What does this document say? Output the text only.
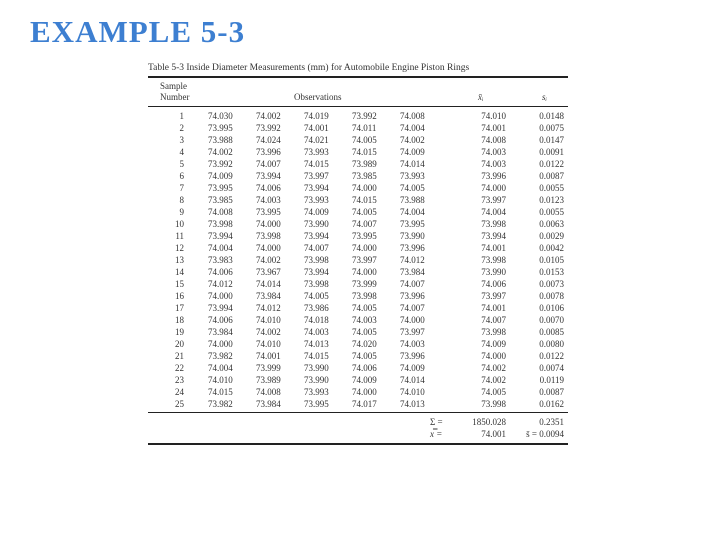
EXAMPLE 5-3
Table 5-3 Inside Diameter Measurements (mm) for Automobile Engine Piston Rings
Sample
Number	Observations	x̄ᵢ	sᵢ
1	74.030	74.002	74.019	73.992	74.008	74.010	0.0148
2	73.995	73.992	74.001	74.011	74.004	74.001	0.0075
3	73.988	74.024	74.021	74.005	74.002	74.008	0.0147
4	74.002	73.996	73.993	74.015	74.009	74.003	0.0091
5	73.992	74.007	74.015	73.989	74.014	74.003	0.0122
6	74.009	73.994	73.997	73.985	73.993	73.996	0.0087
7	73.995	74.006	73.994	74.000	74.005	74.000	0.0055
8	73.985	74.003	73.993	74.015	73.988	73.997	0.0123
9	74.008	73.995	74.009	74.005	74.004	74.004	0.0055
10	73.998	74.000	73.990	74.007	73.995	73.998	0.0063
11	73.994	73.998	73.994	73.995	73.990	73.994	0.0029
12	74.004	74.000	74.007	74.000	73.996	74.001	0.0042
13	73.983	74.002	73.998	73.997	74.012	73.998	0.0105
14	74.006	73.967	73.994	74.000	73.984	73.990	0.0153
15	74.012	74.014	73.998	73.999	74.007	74.006	0.0073
16	74.000	73.984	74.005	73.998	73.996	73.997	0.0078
17	73.994	74.012	73.986	74.005	74.007	74.001	0.0106
18	74.006	74.010	74.018	74.003	74.000	74.007	0.0070
19	73.984	74.002	74.003	74.005	73.997	73.998	0.0085
20	74.000	74.010	74.013	74.020	74.003	74.009	0.0080
21	73.982	74.001	74.015	74.005	73.996	74.000	0.0122
22	74.004	73.999	73.990	74.006	74.009	74.002	0.0074
23	74.010	73.989	73.990	74.009	74.014	74.002	0.0119
24	74.015	74.008	73.993	74.000	74.010	74.005	0.0087
25	73.982	73.984	73.995	74.017	74.013	73.998	0.0162
Σ =	1850.028	0.2351
x̿ =	74.001	s̄ = 0.0094
